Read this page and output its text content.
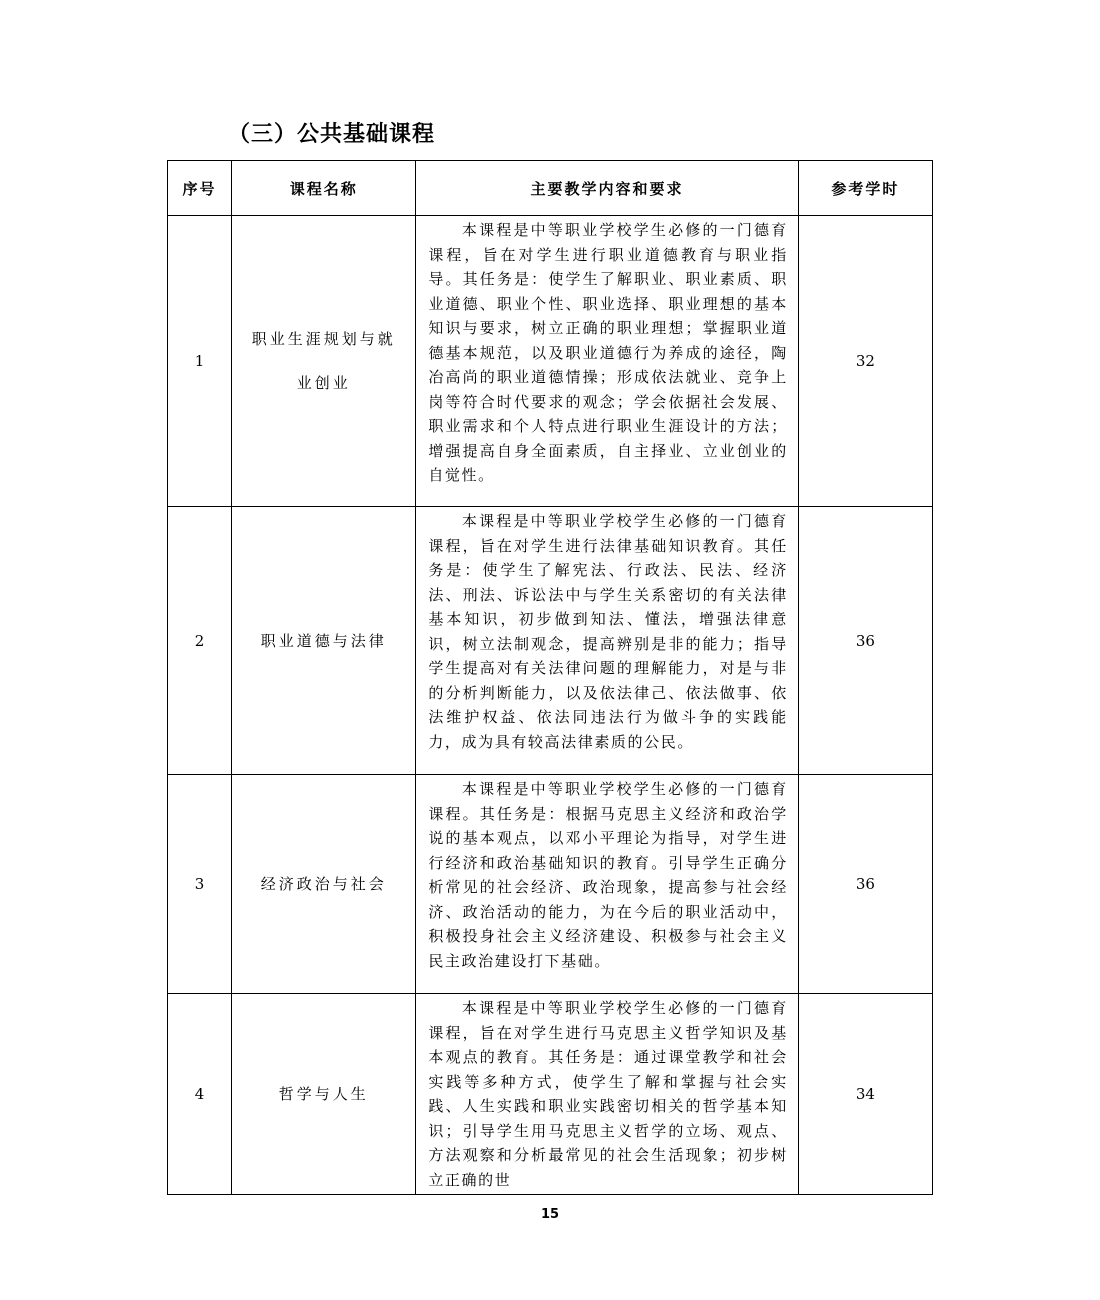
（三）公共基础课程
序号	课程名称	主要教学内容和要求	参考学时
1	职业生涯规划与就业创业	本课程是中等职业学校学生必修的一门德育课程，旨在对学生进行职业道德教育与职业指导。其任务是：使学生了解职业、职业素质、职业道德、职业个性、职业选择、职业理想的基本知识与要求，树立正确的职业理想；掌握职业道德基本规范，以及职业道德行为养成的途径，陶冶高尚的职业道德情操；形成依法就业、竞争上岗等符合时代要求的观念；学会依据社会发展、职业需求和个人特点进行职业生涯设计的方法；增强提高自身全面素质，自主择业、立业创业的自觉性。	32
2	职业道德与法律	本课程是中等职业学校学生必修的一门德育课程，旨在对学生进行法律基础知识教育。其任务是：使学生了解宪法、行政法、民法、经济法、刑法、诉讼法中与学生关系密切的有关法律基本知识，初步做到知法、懂法，增强法律意识，树立法制观念，提高辨别是非的能力；指导学生提高对有关法律问题的理解能力，对是与非的分析判断能力，以及依法律己、依法做事、依法维护权益、依法同违法行为做斗争的实践能力，成为具有较高法律素质的公民。	36
3	经济政治与社会	本课程是中等职业学校学生必修的一门德育课程。其任务是：根据马克思主义经济和政治学说的基本观点，以邓小平理论为指导，对学生进行经济和政治基础知识的教育。引导学生正确分析常见的社会经济、政治现象，提高参与社会经济、政治活动的能力，为在今后的职业活动中，积极投身社会主义经济建设、积极参与社会主义民主政治建设打下基础。	36
4	哲学与人生	本课程是中等职业学校学生必修的一门德育课程，旨在对学生进行马克思主义哲学知识及基本观点的教育。其任务是：通过课堂教学和社会实践等多种方式，使学生了解和掌握与社会实践、人生实践和职业实践密切相关的哲学基本知识；引导学生用马克思主义哲学的立场、观点、方法观察和分析最常见的社会生活现象；初步树立正确的世	34
15
